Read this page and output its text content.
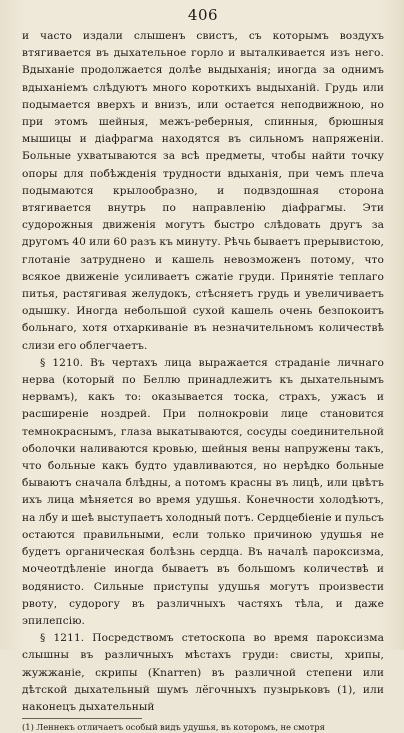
406

и часто издали слышенъ свистъ, съ которымъ воздухъ втягивается въ дыхательное горло и выталкивается изъ него. Вдыханіе продолжается долѣе выдыханія; иногда за однимъ вдыханіемъ слѣдуютъ много короткихъ выдыханій. Грудь или подымается вверхъ и внизъ, или остается неподвижною, но при этомъ шейныя, межъ-реберныя, спинныя, брюшныя мышицы и діафрагма находятся въ сильномъ напряженіи. Больные ухватываются за всѣ предметы, чтобы найти точку опоры для побѣжденія трудности вдыханія, при чемъ плеча подымаются крылообразно, и подвздошная сторона втягивается внутрь по направленію діафрагмы. Эти судорожныя движенія могутъ быстро слѣдовать другъ за другомъ 40 или 60 разъ къ минуту. Рѣчь бываетъ прерывистою, глотаніе затруднено и кашель невозможенъ потому, что всякое движеніе усиливаетъ сжатіе груди. Принятіе теплаго питья, растягивая желудокъ, стѣсняетъ грудь и увеличиваетъ одышку. Иногда небольшой сухой кашель очень безпокоитъ больнаго, хотя отхаркиваніе въ незначительномъ количествѣ слизи его облегчаетъ.

§ 1210. Въ чертахъ лица выражается страданіе личнаго нерва (который по Беллю принадлежитъ къ дыхательнымъ нервамъ), какъ то: оказывается тоска, страхъ, ужасъ и расширеніе ноздрей. При полнокровіи лице становится темнокраснымъ, глаза выкатываются, сосуды соединительной оболочки наливаются кровью, шейныя вены напружены такъ, что больные какъ будто удавливаются, но нерѣдко больные бываютъ сначала блѣдны, а потомъ красны въ лицѣ, или цвѣтъ ихъ лица мѣняется во время удушья. Конечности холодѣютъ, на лбу и шеѣ выступаетъ холодный потъ. Сердцебіеніе и пульсъ остаются правильными, если только причиною удушья не будетъ органическая болѣзнь сердца. Въ началѣ пароксизма, мочеотдѣленіе иногда бываетъ въ большомъ количествѣ и водянисто. Сильные приступы удушья могутъ произвести рвоту, судорогу въ различныхъ частяхъ тѣла, и даже эпилепсію.

§ 1211. Посредствомъ стетоскопа во время пароксизма слышны въ различныхъ мѣстахъ груди: свисты, хрипы, жужжаніе, скрипы (Knarren) въ различной степени или дѣтской дыхательный шумъ лёгочныхъ пузырьковъ (1), или наконецъ дыхательный

(1) Леннекъ отличаетъ особый видъ удушья, въ которомъ, не смотря
